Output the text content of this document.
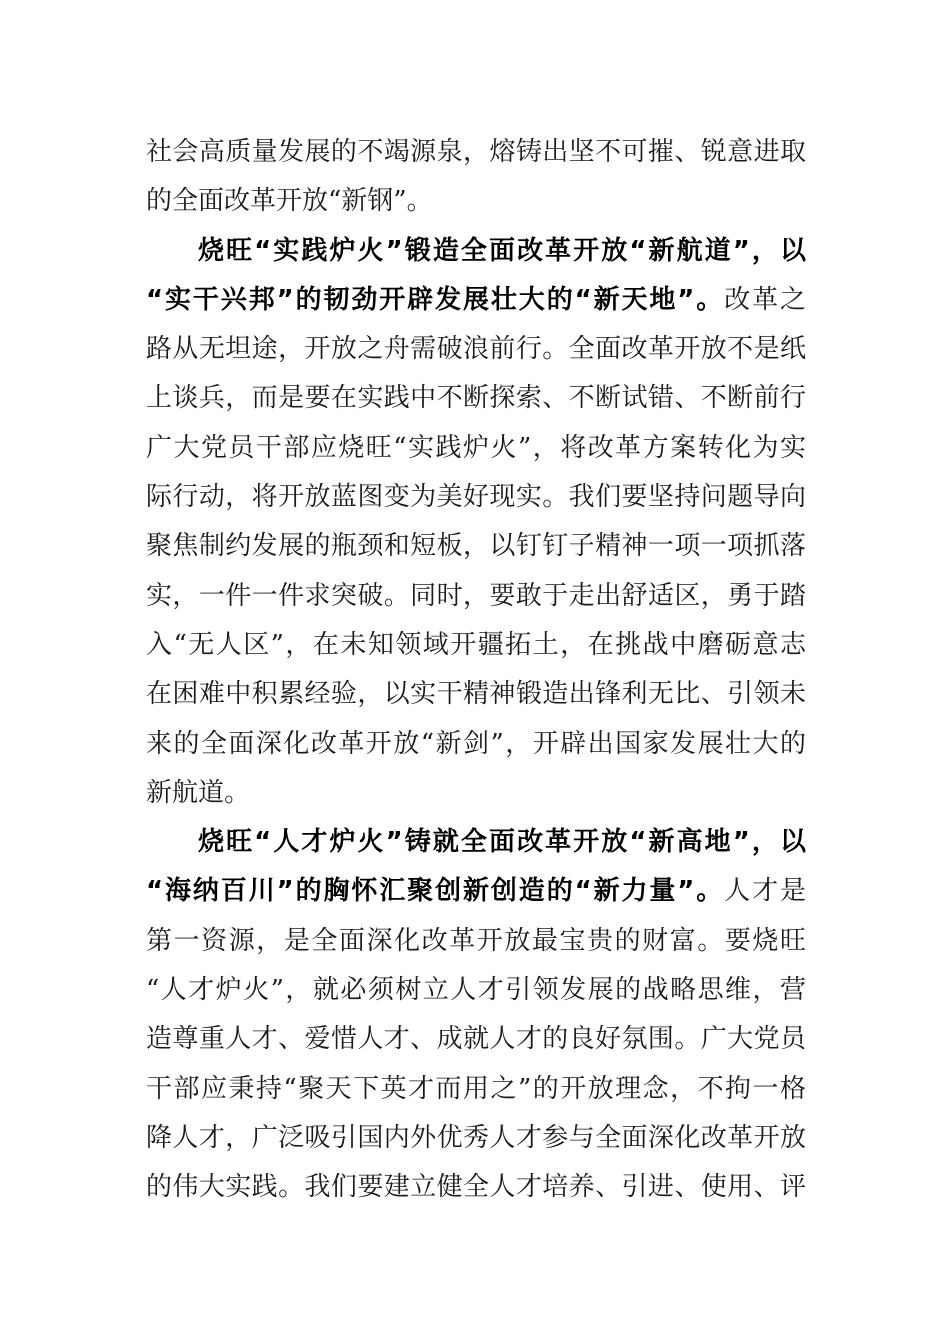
社会高质量发展的不竭源泉，熔铸出坚不可摧、锐意进取
的全面改革开放“新钢”。
烧旺“实践炉火”锻造全面改革开放“新航道”，以
“实干兴邦”的韧劲开辟发展壮大的“新天地”。改革之
路从无坦途，开放之舟需破浪前行。全面改革开放不是纸
上谈兵，而是要在实践中不断探索、不断试错、不断前行
广大党员干部应烧旺“实践炉火”，将改革方案转化为实
际行动，将开放蓝图变为美好现实。我们要坚持问题导向
聚焦制约发展的瓶颈和短板，以钉钉子精神一项一项抓落
实，一件一件求突破。同时，要敢于走出舒适区，勇于踏
入“无人区”，在未知领域开疆拓土，在挑战中磨砺意志
在困难中积累经验，以实干精神锻造出锋利无比、引领未
来的全面深化改革开放“新剑”，开辟出国家发展壮大的
新航道。
烧旺“人才炉火”铸就全面改革开放“新高地”，以
“海纳百川”的胸怀汇聚创新创造的“新力量”。人才是
第一资源，是全面深化改革开放最宝贵的财富。要烧旺
“人才炉火”，就必须树立人才引领发展的战略思维，营
造尊重人才、爱惜人才、成就人才的良好氛围。广大党员
干部应秉持“聚天下英才而用之”的开放理念，不拘一格
降人才，广泛吸引国内外优秀人才参与全面深化改革开放
的伟大实践。我们要建立健全人才培养、引进、使用、评
